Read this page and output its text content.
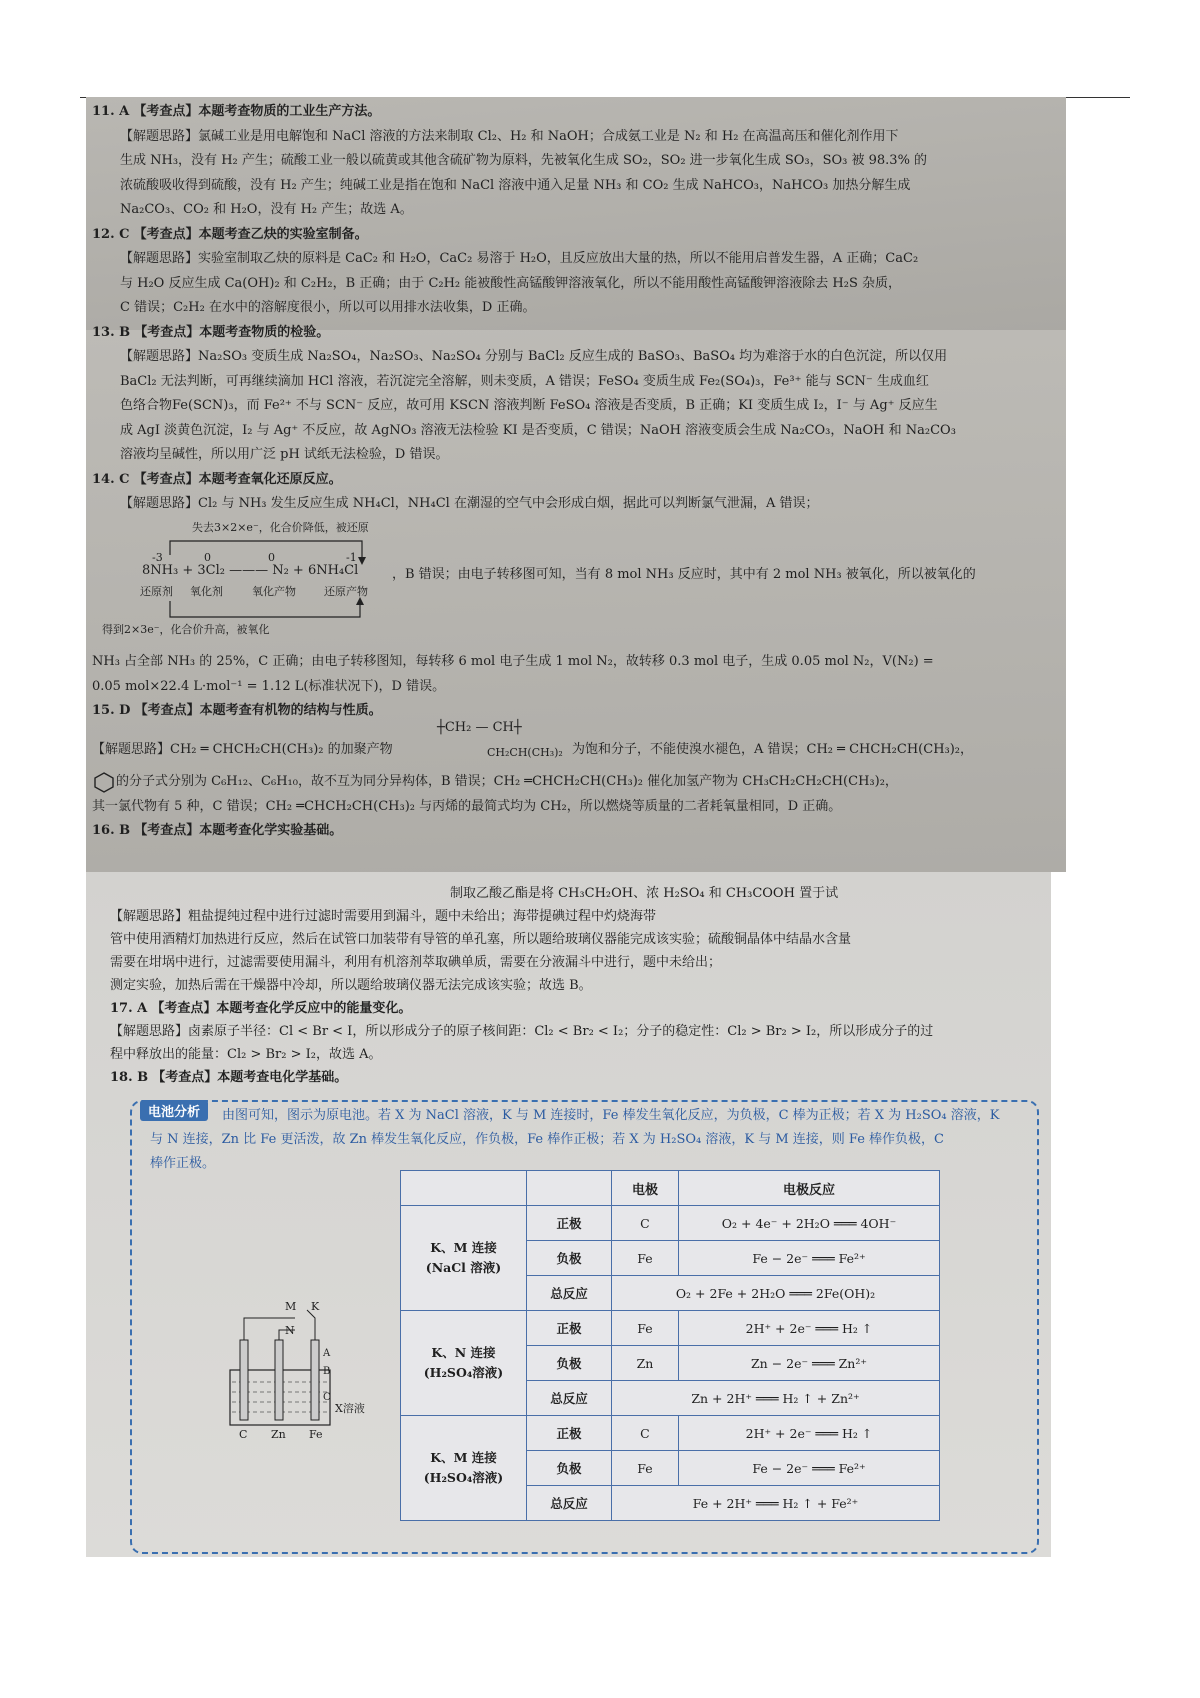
11. A 【考查点】本题考查物质的工业生产方法。

【解题思路】氯碱工业是用电解饱和 NaCl 溶液的方法来制取 Cl₂、H₂ 和 NaOH；合成氨工业是 N₂ 和 H₂ 在高温高压和催化剂作用下

生成 NH₃，没有 H₂ 产生；硫酸工业一般以硫黄或其他含硫矿物为原料，先被氧化生成 SO₂，SO₂ 进一步氧化生成 SO₃，SO₃ 被 98.3% 的

浓硫酸吸收得到硫酸，没有 H₂ 产生；纯碱工业是指在饱和 NaCl 溶液中通入足量 NH₃ 和 CO₂ 生成 NaHCO₃，NaHCO₃ 加热分解生成

Na₂CO₃、CO₂ 和 H₂O，没有 H₂ 产生；故选 A。

12. C 【考查点】本题考查乙炔的实验室制备。

【解题思路】实验室制取乙炔的原料是 CaC₂ 和 H₂O，CaC₂ 易溶于 H₂O，且反应放出大量的热，所以不能用启普发生器，A 正确；CaC₂

与 H₂O 反应生成 Ca(OH)₂ 和 C₂H₂，B 正确；由于 C₂H₂ 能被酸性高锰酸钾溶液氧化，所以不能用酸性高锰酸钾溶液除去 H₂S 杂质，

C 错误；C₂H₂ 在水中的溶解度很小，所以可以用排水法收集，D 正确。

13. B 【考查点】本题考查物质的检验。

【解题思路】Na₂SO₃ 变质生成 Na₂SO₄，Na₂SO₃、Na₂SO₄ 分别与 BaCl₂ 反应生成的 BaSO₃、BaSO₄ 均为难溶于水的白色沉淀，所以仅用

BaCl₂ 无法判断，可再继续滴加 HCl 溶液，若沉淀完全溶解，则未变质，A 错误；FeSO₄ 变质生成 Fe₂(SO₄)₃，Fe³⁺ 能与 SCN⁻ 生成血红

色络合物Fe(SCN)₃，而 Fe²⁺ 不与 SCN⁻ 反应，故可用 KSCN 溶液判断 FeSO₄ 溶液是否变质，B 正确；KI 变质生成 I₂，I⁻ 与 Ag⁺ 反应生

成 AgI 淡黄色沉淀，I₂ 与 Ag⁺ 不反应，故 AgNO₃ 溶液无法检验 KI 是否变质，C 错误；NaOH 溶液变质会生成 Na₂CO₃，NaOH 和 Na₂CO₃

溶液均呈碱性，所以用广泛 pH 试纸无法检验，D 错误。

14. C 【考查点】本题考查氧化还原反应。

【解题思路】Cl₂ 与 NH₃ 发生反应生成 NH₄Cl，NH₄Cl 在潮湿的空气中会形成白烟，据此可以判断氯气泄漏，A 错误；

失去3×2×e⁻，化合价降低，被还原
-3	0	0	-1
8NH₃ + 3Cl₂ ——— N₂ + 6NH₄Cl
还原剂 氧化剂	氧化产物	还原产物
，B 错误；由电子转移图可知，当有 8 mol NH₃ 反应时，其中有 2 mol NH₃ 被氧化，所以被氧化的
得到2×3e⁻，化合价升高，被氧化

NH₃ 占全部 NH₃ 的 25%，C 正确；由电子转移图知，每转移 6 mol 电子生成 1 mol N₂，故转移 0.3 mol 电子，生成 0.05 mol N₂，V(N₂) =

0.05 mol×22.4 L·mol⁻¹ = 1.12 L(标准状况下)，D 错误。

15. D 【考查点】本题考查有机物的结构与性质。

【解题思路】CH₂ ═ CHCH₂CH(CH₃)₂ 的加聚产物
┼CH₂ — CH┼
CH₂CH(CH₃)₂ 为饱和分子，不能使溴水褪色，A 错误；CH₂ ═ CHCH₂CH(CH₃)₂，

的分子式分别为 C₆H₁₂、C₆H₁₀，故不互为同分异构体，B 错误；CH₂ ═CHCH₂CH(CH₃)₂ 催化加氢产物为 CH₃CH₂CH₂CH(CH₃)₂，

其一氯代物有 5 种，C 错误；CH₂ ═CHCH₂CH(CH₃)₂ 与丙烯的最简式均为 CH₂，所以燃烧等质量的二者耗氧量相同，D 正确。

16. B 【考查点】本题考查化学实验基础。

制取乙酸乙酯是将 CH₃CH₂OH、浓 H₂SO₄ 和 CH₃COOH 置于试

【解题思路】粗盐提纯过程中进行过滤时需要用到漏斗，题中未给出；海带提碘过程中灼烧海带

管中使用酒精灯加热进行反应，然后在试管口加装带有导管的单孔塞，所以题给玻璃仪器能完成该实验；硫酸铜晶体中结晶水含量

需要在坩埚中进行，过滤需要使用漏斗，利用有机溶剂萃取碘单质，需要在分液漏斗中进行，题中未给出；

测定实验，加热后需在干燥器中冷却，所以题给玻璃仪器无法完成该实验；故选 B。

17. A 【考查点】本题考查化学反应中的能量变化。

【解题思路】卤素原子半径：Cl < Br < I，所以形成分子的原子核间距：Cl₂ < Br₂ < I₂；分子的稳定性：Cl₂ > Br₂ > I₂，所以形成分子的过

程中释放出的能量：Cl₂ > Br₂ > I₂，故选 A。

18. B 【考查点】本题考查电化学基础。

电池分析	由图可知，图示为原电池。若 X 为 NaCl 溶液，K 与 M 连接时，Fe 棒发生氧化反应，为负极，C 棒为正极；若 X 为 H₂SO₄ 溶液，K

与 N 连接，Zn 比 Fe 更活泼，故 Zn 棒发生氧化反应，作负极，Fe 棒作正极；若 X 为 H₂SO₄ 溶液，K 与 M 连接，则 Fe 棒作负极，C

棒作正极。

M K
N
A
B
C
X溶液
C Zn Fe
		电极	电极反应

K、M 连接
(NaCl 溶液)	正极	C	O₂ + 4e⁻ + 2H₂O ═══ 4OH⁻
	负极	Fe	Fe − 2e⁻ ═══ Fe²⁺
	总反应	O₂ + 2Fe + 2H₂O ═══ 2Fe(OH)₂	

K、N 连接
(H₂SO₄溶液)	正极	Fe	2H⁺ + 2e⁻ ═══ H₂ ↑
	负极	Zn	Zn − 2e⁻ ═══ Zn²⁺
	总反应	Zn + 2H⁺ ═══ H₂ ↑ + Zn²⁺	

K、M 连接
(H₂SO₄溶液)	正极	C	2H⁺ + 2e⁻ ═══ H₂ ↑
	负极	Fe	Fe − 2e⁻ ═══ Fe²⁺
	总反应	Fe + 2H⁺ ═══ H₂ ↑ + Fe²⁺	
